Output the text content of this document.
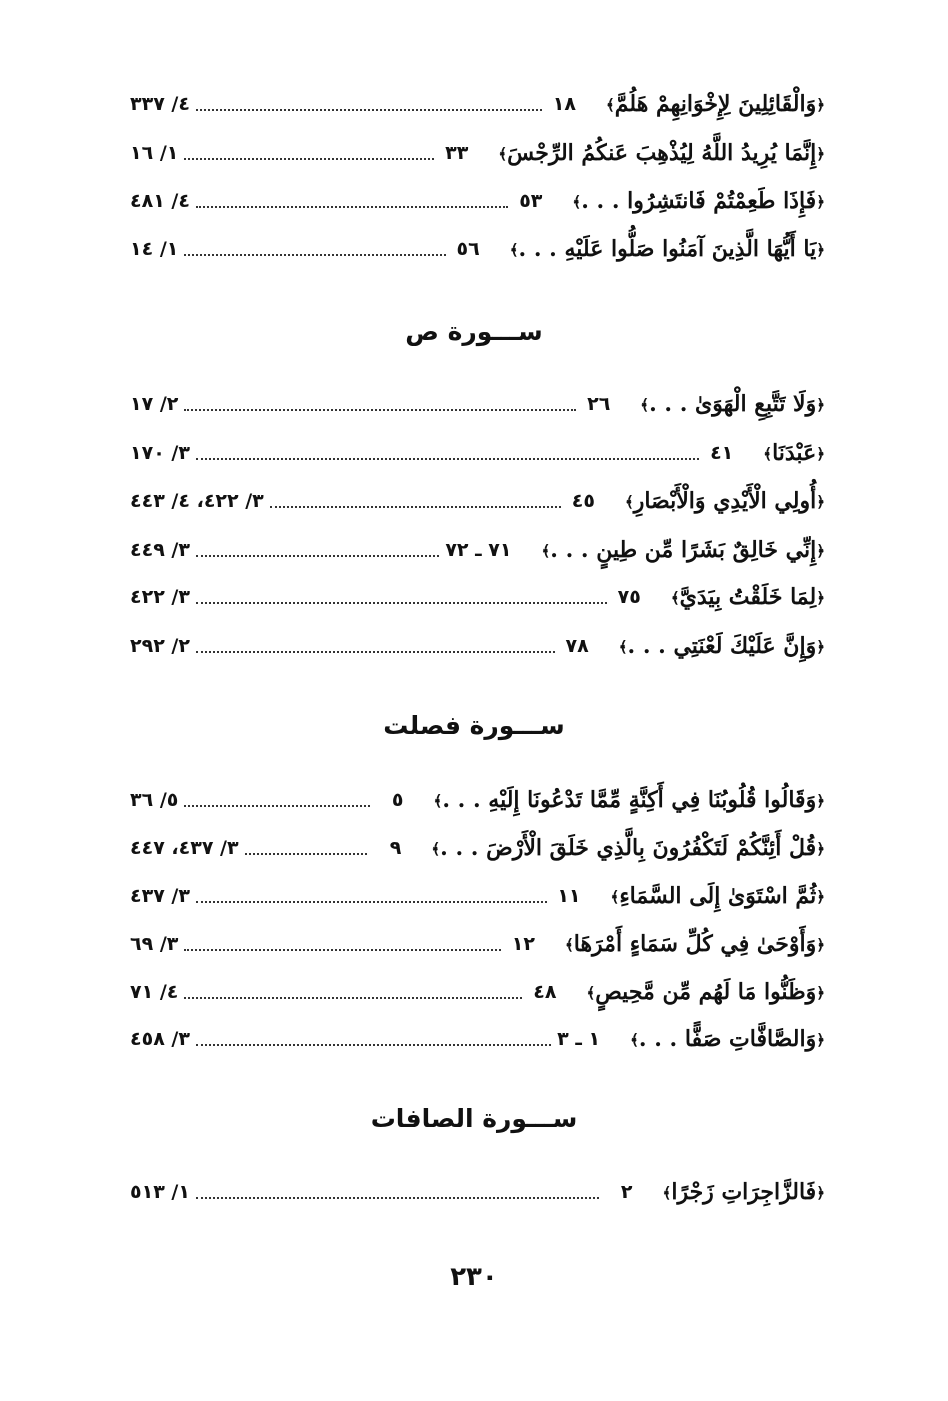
﴿وَالْقَائِلِينَ لِإِخْوَانِهِمْ هَلُمَّ﴾
١٨
٤/ ٣٣٧
﴿إِنَّمَا يُرِيدُ اللَّهُ لِيُذْهِبَ عَنكُمُ الرِّجْسَ﴾
٣٣
١/ ١٦
﴿فَإِذَا طَعِمْتُمْ فَانتَشِرُوا . . .﴾
٥٣
٤/ ٤٨١
﴿يَا أَيُّهَا الَّذِينَ آمَنُوا صَلُّوا عَلَيْهِ . . .﴾
٥٦
١/ ١٤
ســـورة ص
﴿وَلَا تَتَّبِعِ الْهَوَىٰ . . .﴾
٢٦
٢/ ١٧
﴿عَبْدَنَا﴾
٤١
٣/ ١٧٠
﴿أُولِي الْأَيْدِي وَالْأَبْصَارِ﴾
٤٥
٣/ ٤٢٢، ٤/ ٤٤٣
﴿إِنِّي خَالِقٌ بَشَرًا مِّن طِينٍ . . .﴾
٧١ ـ ٧٢
٣/ ٤٤٩
﴿لِمَا خَلَقْتُ بِيَدَيَّ﴾
٧٥
٣/ ٤٢٢
﴿وَإِنَّ عَلَيْكَ لَعْنَتِي . . .﴾
٧٨
٢/ ٢٩٢
ســـورة فصلت
﴿وَقَالُوا قُلُوبُنَا فِي أَكِنَّةٍ مِّمَّا تَدْعُونَا إِلَيْهِ . . .﴾
٥
٥/ ٣٦
﴿قُلْ أَئِنَّكُمْ لَتَكْفُرُونَ بِالَّذِي خَلَقَ الْأَرْضَ . . .﴾
٩
٣/ ٤٣٧، ٤٤٧
﴿ثُمَّ اسْتَوَىٰ إِلَى السَّمَاءِ﴾
١١
٣/ ٤٣٧
﴿وَأَوْحَىٰ فِي كُلِّ سَمَاءٍ أَمْرَهَا﴾
١٢
٣/ ٦٩
﴿وَظَنُّوا مَا لَهُم مِّن مَّحِيصٍ﴾
٤٨
٤/ ٧١
﴿وَالصَّافَّاتِ صَفًّا . . .﴾
١ ـ ٣
٣/ ٤٥٨
ســـورة الصافات
﴿فَالزَّاجِرَاتِ زَجْرًا﴾
٢
١/ ٥١٣
٢٣٠
